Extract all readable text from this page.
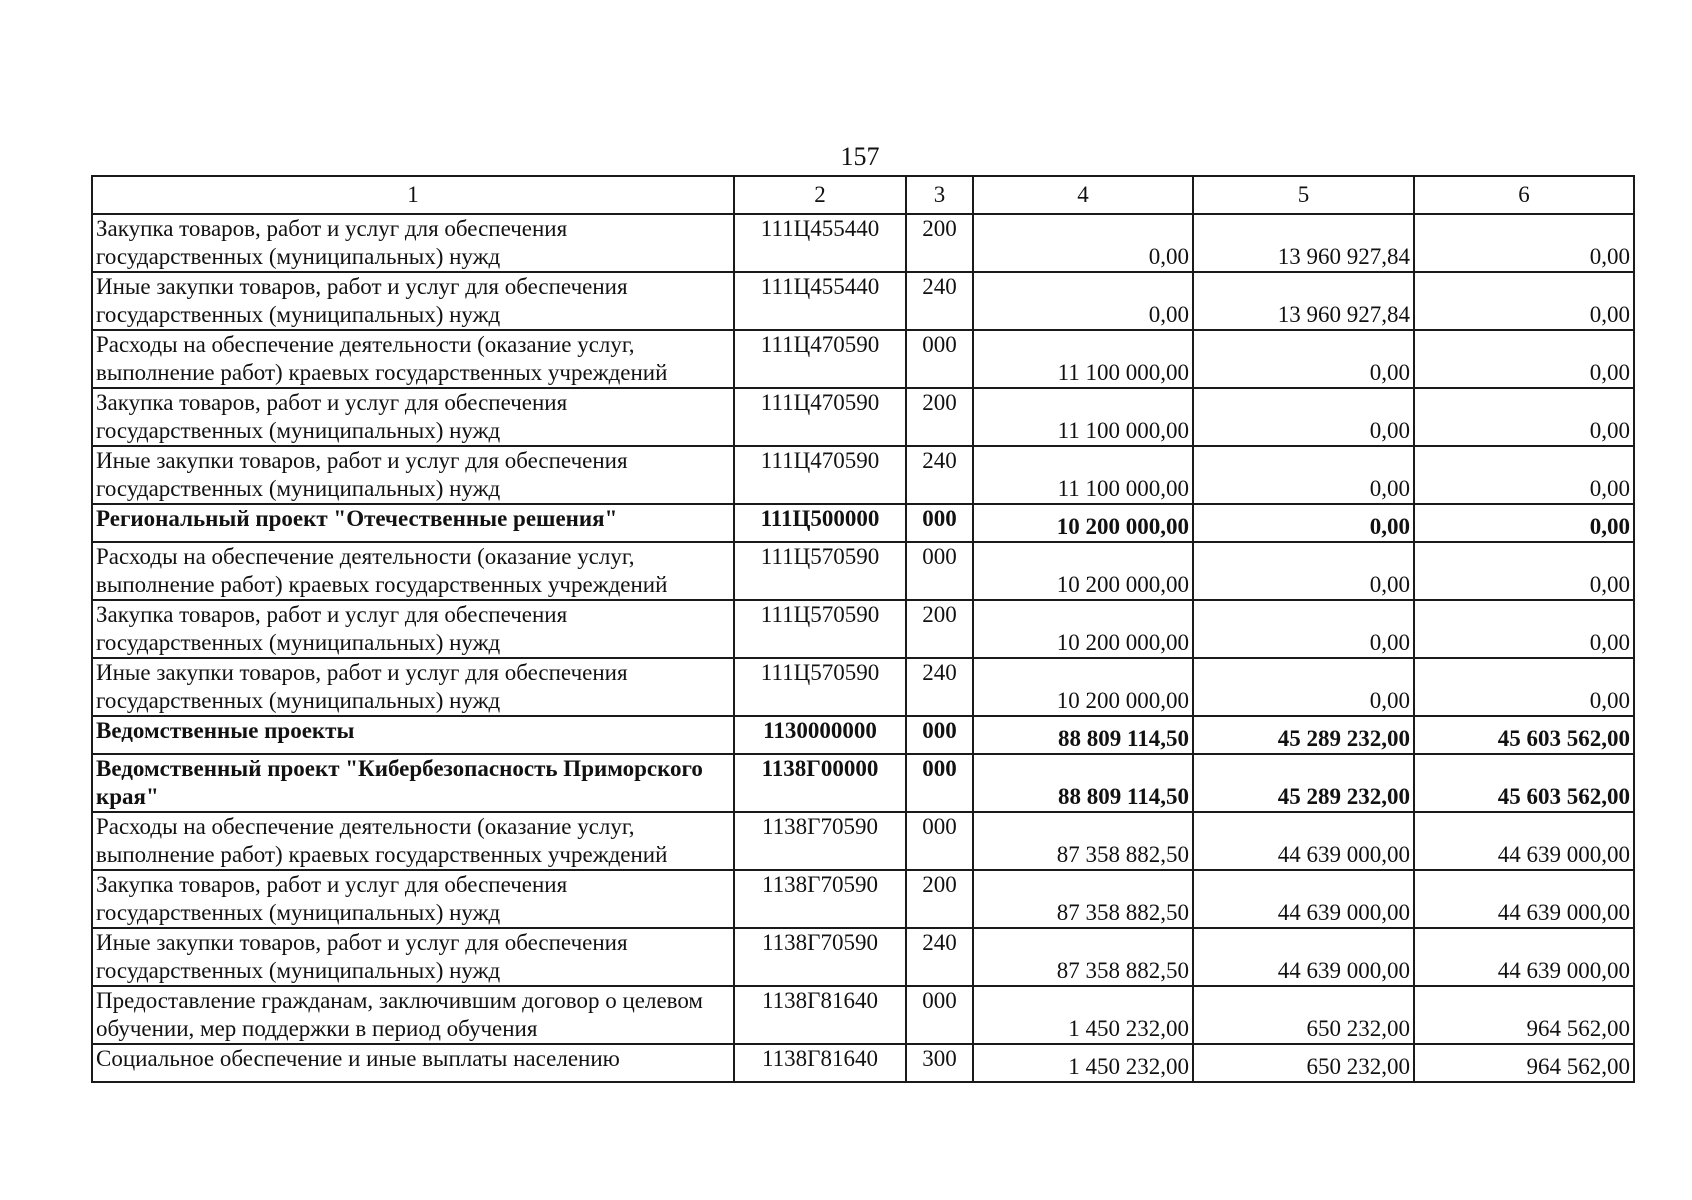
157
1	2	3	4	5	6
Закупка товаров, работ и услуг для обеспечения государственных (муниципальных) нужд	111Ц455440	200	0,00	13 960 927,84	0,00
Иные закупки товаров, работ и услуг для обеспечения государственных (муниципальных) нужд	111Ц455440	240	0,00	13 960 927,84	0,00
Расходы на обеспечение деятельности (оказание услуг, выполнение работ) краевых государственных учреждений	111Ц470590	000	11 100 000,00	0,00	0,00
Закупка товаров, работ и услуг для обеспечения государственных (муниципальных) нужд	111Ц470590	200	11 100 000,00	0,00	0,00
Иные закупки товаров, работ и услуг для обеспечения государственных (муниципальных) нужд	111Ц470590	240	11 100 000,00	0,00	0,00
Региональный проект "Отечественные решения"	111Ц500000	000	10 200 000,00	0,00	0,00
Расходы на обеспечение деятельности (оказание услуг, выполнение работ) краевых государственных учреждений	111Ц570590	000	10 200 000,00	0,00	0,00
Закупка товаров, работ и услуг для обеспечения государственных (муниципальных) нужд	111Ц570590	200	10 200 000,00	0,00	0,00
Иные закупки товаров, работ и услуг для обеспечения государственных (муниципальных) нужд	111Ц570590	240	10 200 000,00	0,00	0,00
Ведомственные проекты	1130000000	000	88 809 114,50	45 289 232,00	45 603 562,00
Ведомственный проект "Кибербезопасность Приморского края"	1138Г00000	000	88 809 114,50	45 289 232,00	45 603 562,00
Расходы на обеспечение деятельности (оказание услуг, выполнение работ) краевых государственных учреждений	1138Г70590	000	87 358 882,50	44 639 000,00	44 639 000,00
Закупка товаров, работ и услуг для обеспечения государственных (муниципальных) нужд	1138Г70590	200	87 358 882,50	44 639 000,00	44 639 000,00
Иные закупки товаров, работ и услуг для обеспечения государственных (муниципальных) нужд	1138Г70590	240	87 358 882,50	44 639 000,00	44 639 000,00
Предоставление гражданам, заключившим договор о целевом обучении, мер поддержки в период обучения	1138Г81640	000	1 450 232,00	650 232,00	964 562,00
Социальное обеспечение и иные выплаты населению	1138Г81640	300	1 450 232,00	650 232,00	964 562,00
